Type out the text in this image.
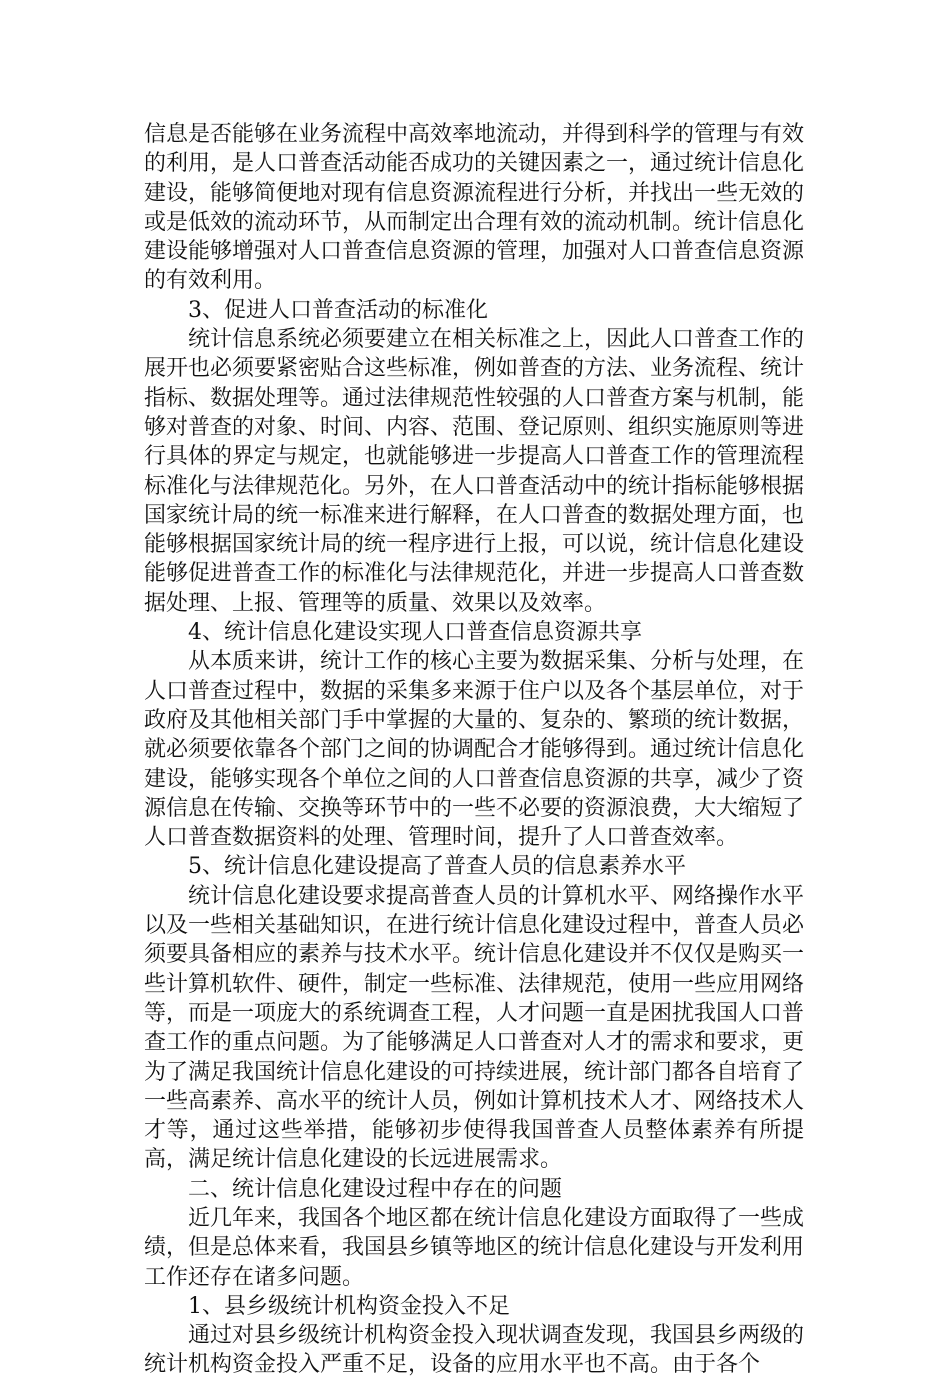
信息是否能够在业务流程中高效率地流动，并得到科学的管理与有效的利用，是人口普查活动能否成功的关键因素之一，通过统计信息化建设，能够简便地对现有信息资源流程进行分析，并找出一些无效的或是低效的流动环节，从而制定出合理有效的流动机制。统计信息化建设能够增强对人口普查信息资源的管理，加强对人口普查信息资源的有效利用。

3、促进人口普查活动的标准化

统计信息系统必须要建立在相关标准之上，因此人口普查工作的展开也必须要紧密贴合这些标准，例如普查的方法、业务流程、统计指标、数据处理等。通过法律规范性较强的人口普查方案与机制，能够对普查的对象、时间、内容、范围、登记原则、组织实施原则等进行具体的界定与规定，也就能够进一步提高人口普查工作的管理流程标准化与法律规范化。另外，在人口普查活动中的统计指标能够根据国家统计局的统一标准来进行解释，在人口普查的数据处理方面，也能够根据国家统计局的统一程序进行上报，可以说，统计信息化建设能够促进普查工作的标准化与法律规范化，并进一步提高人口普查数据处理、上报、管理等的质量、效果以及效率。

4、统计信息化建设实现人口普查信息资源共享

从本质来讲，统计工作的核心主要为数据采集、分析与处理，在人口普查过程中，数据的采集多来源于住户以及各个基层单位，对于政府及其他相关部门手中掌握的大量的、复杂的、繁琐的统计数据，就必须要依靠各个部门之间的协调配合才能够得到。通过统计信息化建设，能够实现各个单位之间的人口普查信息资源的共享，减少了资源信息在传输、交换等环节中的一些不必要的资源浪费，大大缩短了人口普查数据资料的处理、管理时间，提升了人口普查效率。

5、统计信息化建设提高了普查人员的信息素养水平

统计信息化建设要求提高普查人员的计算机水平、网络操作水平以及一些相关基础知识，在进行统计信息化建设过程中，普查人员必须要具备相应的素养与技术水平。统计信息化建设并不仅仅是购买一些计算机软件、硬件，制定一些标准、法律规范，使用一些应用网络等，而是一项庞大的系统调查工程，人才问题一直是困扰我国人口普查工作的重点问题。为了能够满足人口普查对人才的需求和要求，更为了满足我国统计信息化建设的可持续进展，统计部门都各自培育了一些高素养、高水平的统计人员，例如计算机技术人才、网络技术人才等，通过这些举措，能够初步使得我国普查人员整体素养有所提高，满足统计信息化建设的长远进展需求。

二、统计信息化建设过程中存在的问题

近几年来，我国各个地区都在统计信息化建设方面取得了一些成绩，但是总体来看，我国县乡镇等地区的统计信息化建设与开发利用工作还存在诸多问题。

1、县乡级统计机构资金投入不足

通过对县乡级统计机构资金投入现状调查发现，我国县乡两级的统计机构资金投入严重不足，设备的应用水平也不高。由于各个
